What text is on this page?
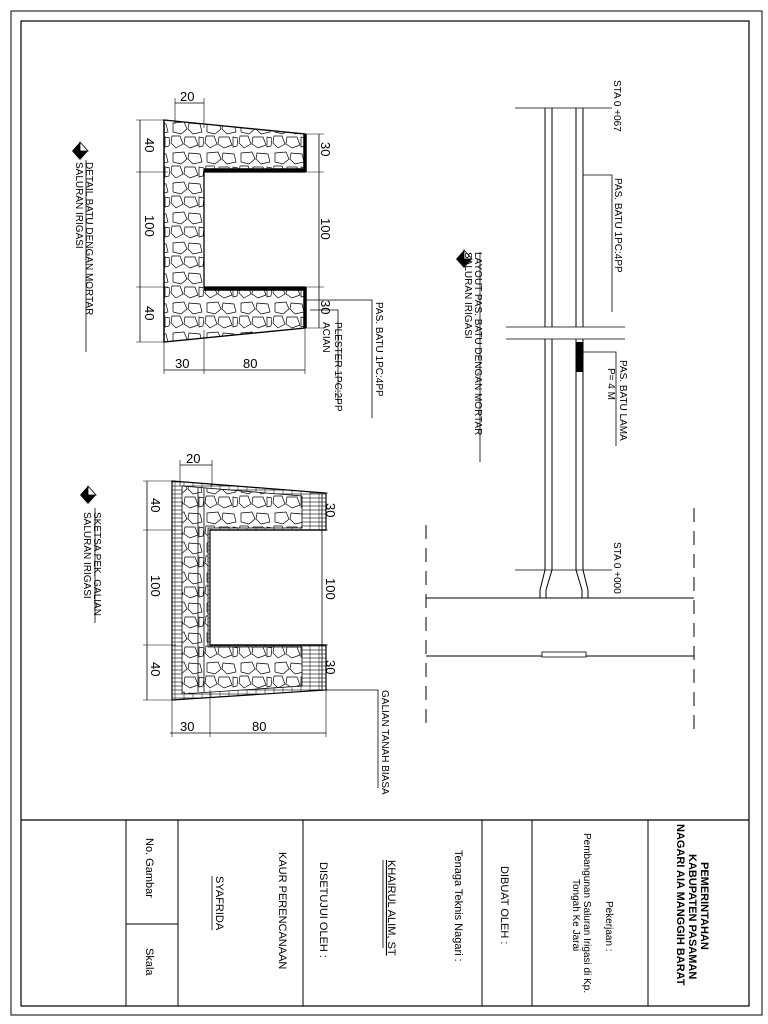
DETAIL BATU DENGAN MORTAR
SALURAN IRIGASI
40
100
40
20
30	80
30
100
30	PAS. BATU 1PC:4PP
PLESTER 1PC:2PP
ACIAN
SKETSA PEK. GALIAN
SALURAN IRIGASI
40
100
40
20
30	80
30
100
30
GALIAN TANAH BIASA
LAYOUT PAS. BATU DENGAN MORTAR
SALURAN IRIGASI
STA 0 +067
PAS. BATU 1PC:4PP
PAS. BATU LAMA
P= 4 M
STA 0 +000
PEMERINTAHAN
KABUPATEN PASAMAN
NAGARI AIA MANGGIH BARAT
Pekerjaan :
Pembangunan Saluran Irigasi di Kp.
Tongah Ke Jarai
DIBUAT OLEH :
Tenaga Teknis Nagari :
KHAIRUL ALIM, ST
DISETUJUI OLEH :
KAUR PERENCANAAN
SYAFRIDA
No. Gambar
Skala
